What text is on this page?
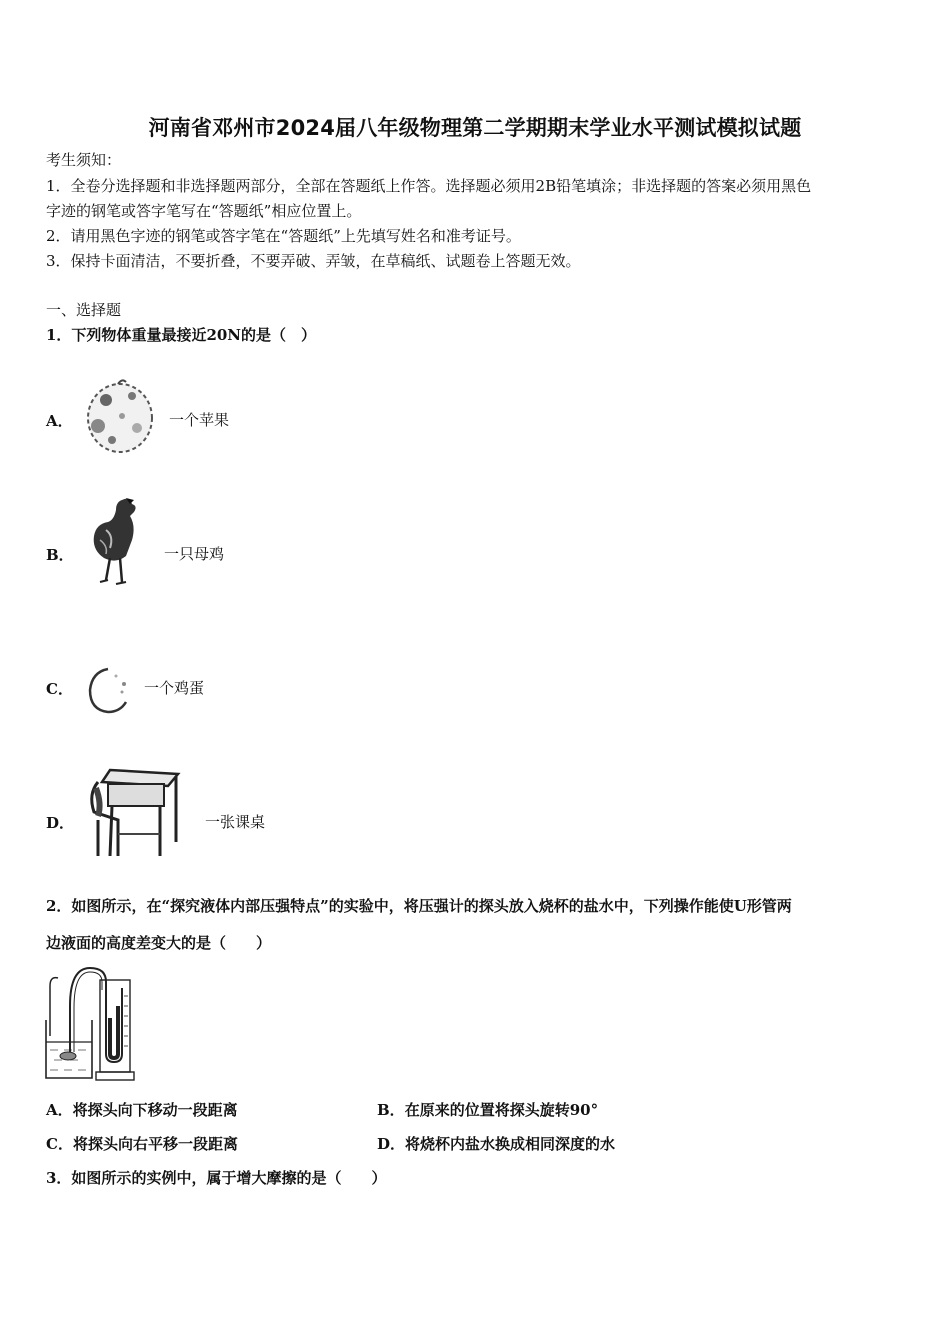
河南省邓州市2024届八年级物理第二学期期末学业水平测试模拟试题
考生须知：
1．全卷分选择题和非选择题两部分，全部在答题纸上作答。选择题必须用2B铅笔填涂；非选择题的答案必须用黑色
字迹的钢笔或答字笔写在“答题纸”相应位置上。
2．请用黑色字迹的钢笔或答字笔在“答题纸”上先填写姓名和准考证号。
3．保持卡面清洁，不要折叠，不要弄破、弄皱，在草稿纸、试题卷上答题无效。
一、选择题
1．下列物体重量最接近20N的是（　）
A．	一个苹果
B．	一只母鸡
C．	一个鸡蛋
D．	一张课桌
2．如图所示，在“探究液体内部压强特点”的实验中，将压强计的探头放入烧杯的盐水中，下列操作能使U形管两
边液面的高度差变大的是（　　）
A．将探头向下移动一段距离	B．在原来的位置将探头旋转90°
C．将探头向右平移一段距离	D．将烧杯内盐水换成相同深度的水
3．如图所示的实例中，属于增大摩擦的是（　　）
